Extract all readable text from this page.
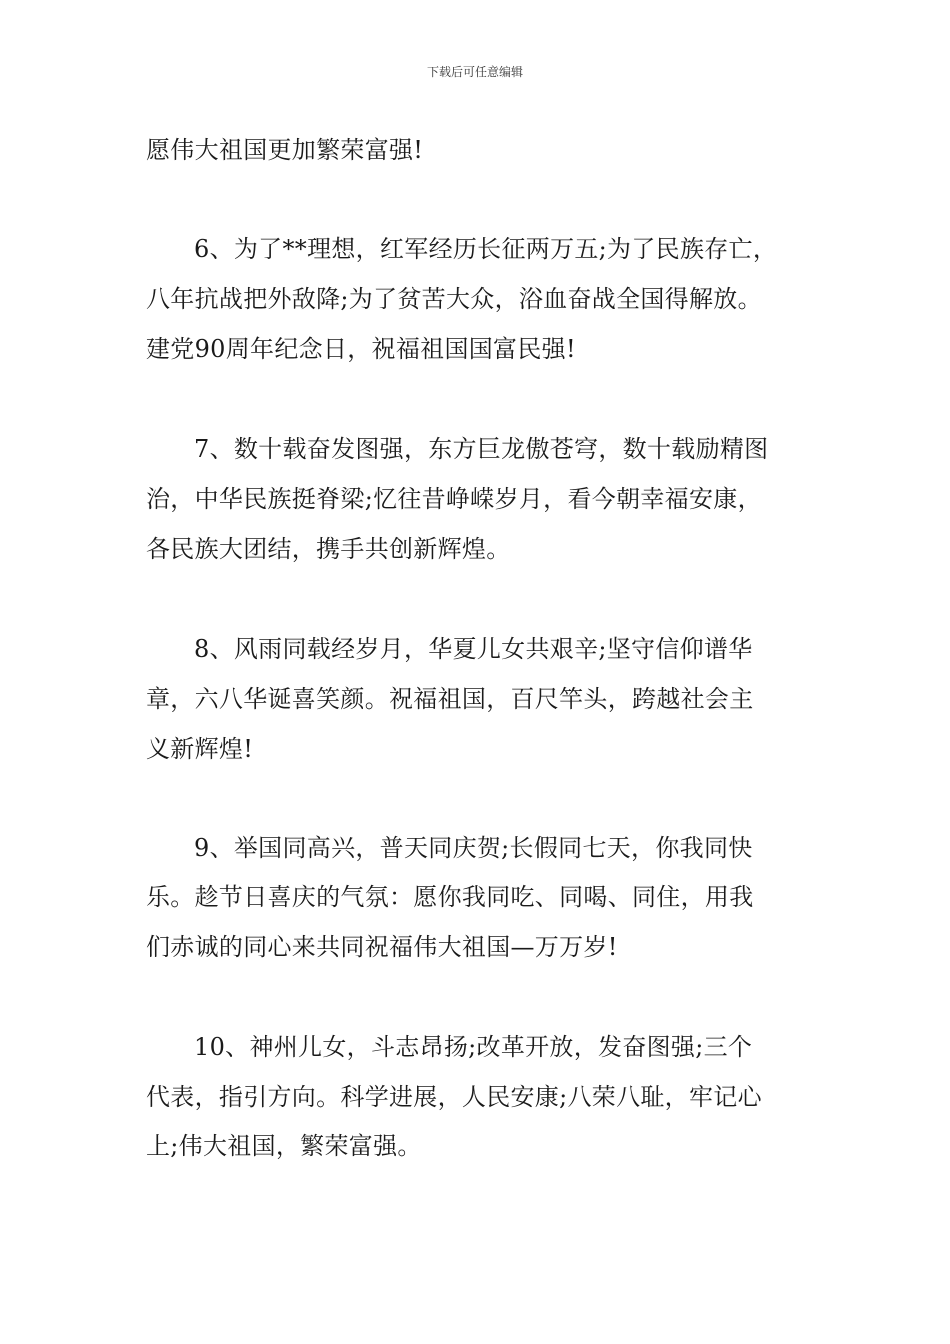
下载后可任意编辑
愿伟大祖国更加繁荣富强!
6、为了**理想，红军经历长征两万五;为了民族存亡，
八年抗战把外敌降;为了贫苦大众，浴血奋战全国得解放。
建党90周年纪念日，祝福祖国国富民强!
7、数十载奋发图强，东方巨龙傲苍穹，数十载励精图
治，中华民族挺脊梁;忆往昔峥嵘岁月，看今朝幸福安康，
各民族大团结，携手共创新辉煌。
8、风雨同载经岁月，华夏儿女共艰辛;坚守信仰谱华
章，六八华诞喜笑颜。祝福祖国，百尺竿头，跨越社会主
义新辉煌!
9、举国同高兴，普天同庆贺;长假同七天，你我同快
乐。趁节日喜庆的气氛：愿你我同吃、同喝、同住，用我
们赤诚的同心来共同祝福伟大祖国—万万岁!
10、神州儿女，斗志昂扬;改革开放，发奋图强;三个
代表，指引方向。科学进展，人民安康;八荣八耻，牢记心
上;伟大祖国，繁荣富强。
